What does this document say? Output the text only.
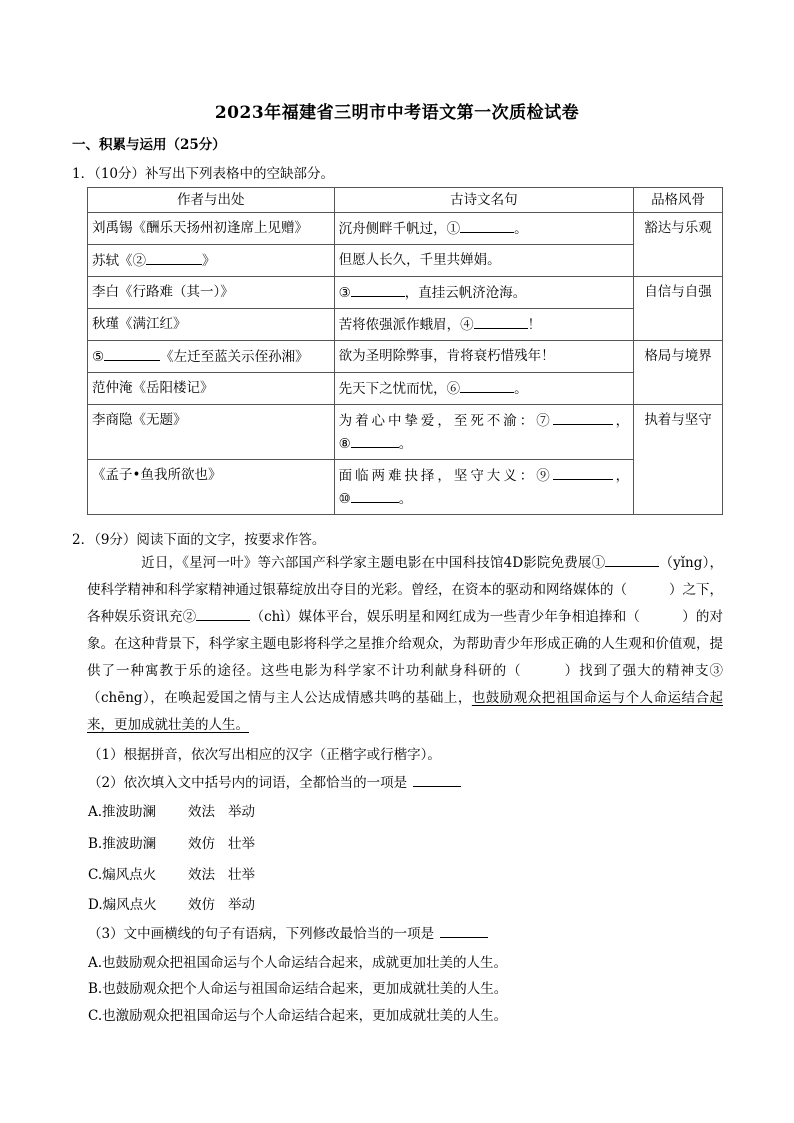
2023年福建省三明市中考语文第一次质检试卷
一、积累与运用（25分）
1．（10分）补写出下列表格中的空缺部分。
作者与出处	古诗文名句	品格风骨
刘禹锡《酬乐天扬州初逢席上见赠》	沉舟侧畔千帆过，① 。	豁达与乐观
苏轼《② 》	但愿人长久，千里共婵娟。	
李白《行路难（其一）》	③ ，直挂云帆济沧海。	自信与自强
秋瑾《满江红》	苦将侬强派作蛾眉，④ ！	
⑤ 《左迁至蓝关示侄孙湘》	欲为圣明除弊事，肯将衰朽惜残年！	格局与境界
范仲淹《岳阳楼记》	先天下之忧而忧，⑥ 。	
李商隐《无题》	为着心中挚爱，至死不渝：⑦ ，
⑧ 。	执着与坚守
《孟子•鱼我所欲也》	面临两难抉择，坚守大义：⑨ ，
⑩ 。	
2．（9分）阅读下面的文字，按要求作答。
近日，《星河一叶》等六部国产科学家主题电影在中国科技馆4D影院免费展①	（yǐng），使科学精神和科学家精神通过银幕绽放出夺目的光彩。曾经，在资本的驱动和网络媒体的（	）之下，各种娱乐资讯充②	（chì）媒体平台，娱乐明星和网红成为一些青少年争相追捧和（	）的对象。在这种背景下，科学家主题电影将科学之星推介给观众，为帮助青少年形成正确的人生观和价值观，提供了一种寓教于乐的途径。这些电影为科学家不计功利献身科研的（	）找到了强大的精神支③（chēng），在唤起爱国之情与主人公达成情感共鸣的基础上，也鼓励观众把祖国命运与个人命运结合起来，更加成就壮美的人生。
（1）根据拼音，依次写出相应的汉字（正楷字或行楷字）。
（2）依次填入文中括号内的词语，全都恰当的一项是
A.推波助澜 效法 举动
B.推波助澜 效仿 壮举
C.煽风点火 效法 壮举
D.煽风点火 效仿 举动
（3）文中画横线的句子有语病，下列修改最恰当的一项是
A.也鼓励观众把祖国命运与个人命运结合起来，成就更加壮美的人生。
B.也鼓励观众把个人命运与祖国命运结合起来，更加成就壮美的人生。
C.也激励观众把祖国命运与个人命运结合起来，更加成就壮美的人生。
